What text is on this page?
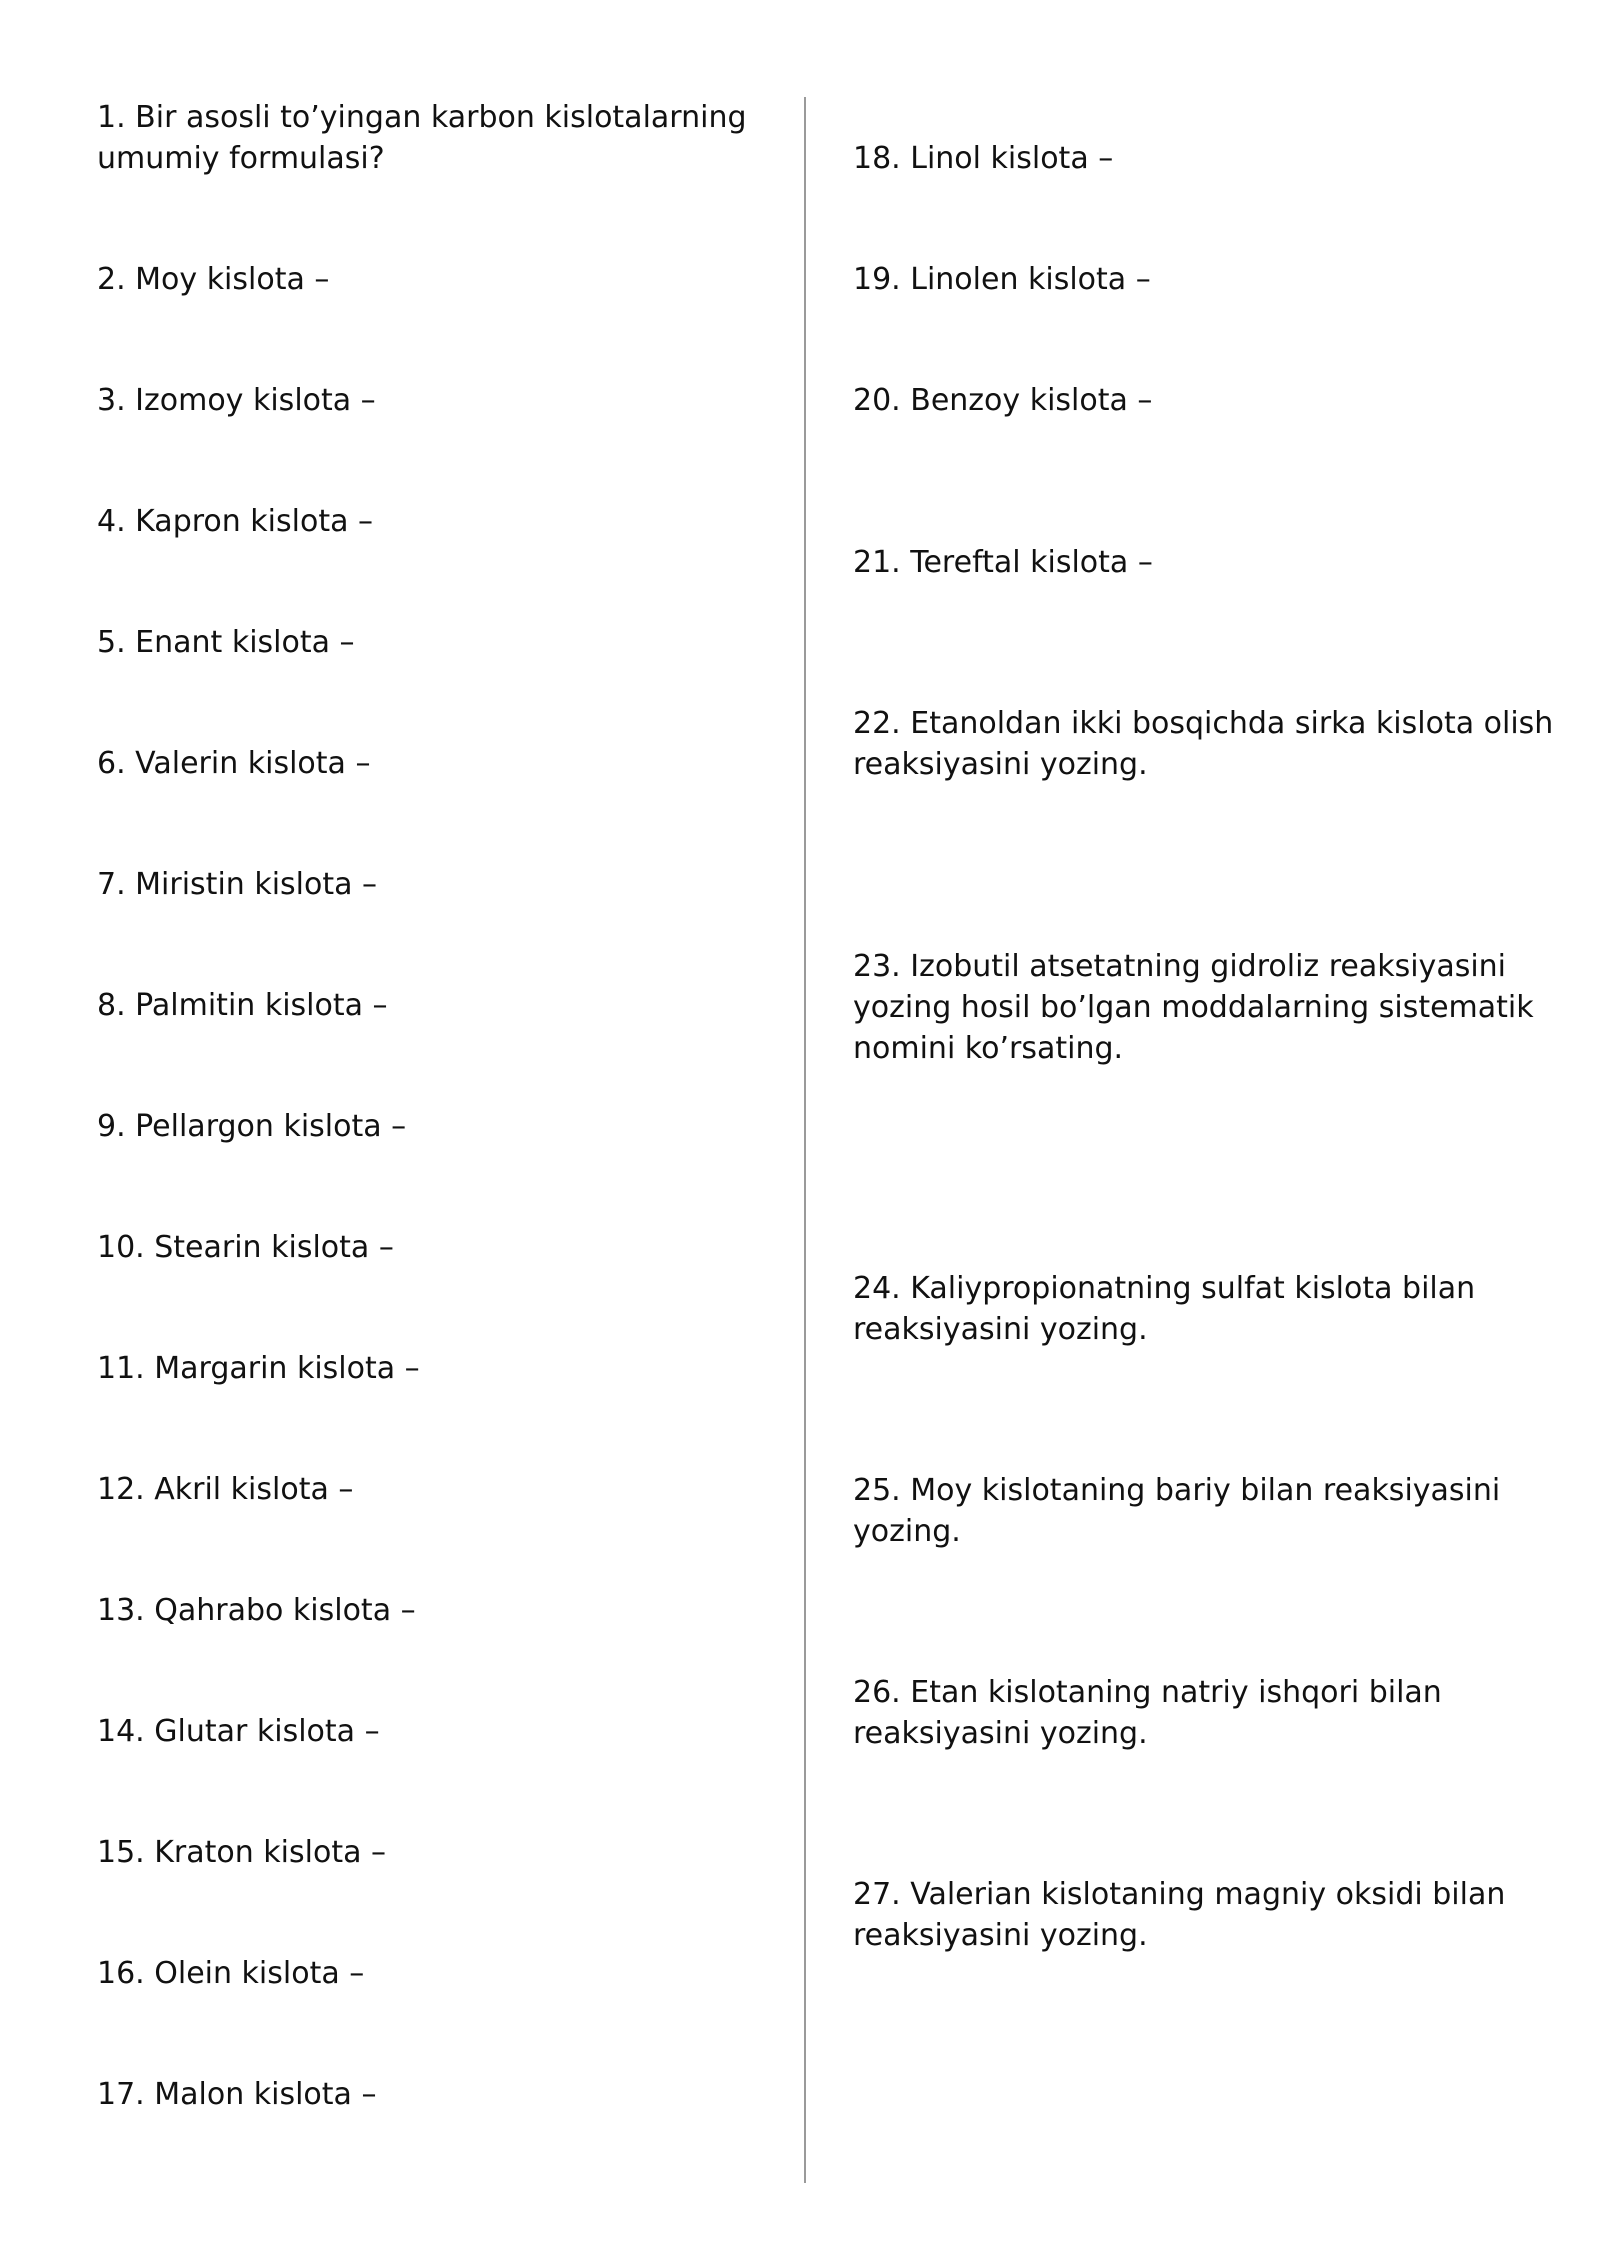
1. Bir asosli to’yingan karbon kislotalarning
umumiy formulasi?
2. Moy kislota –
3. Izomoy kislota –
4. Kapron kislota –
5. Enant kislota –
6. Valerin kislota –
7. Miristin kislota –
8. Palmitin kislota –
9. Pellargon kislota –
10. Stearin kislota –
11. Margarin kislota –
12. Akril kislota –
13. Qahrabo kislota –
14. Glutar kislota –
15. Kraton kislota –
16. Olein kislota –
17. Malon kislota –
18. Linol kislota –
19. Linolen kislota –
20. Benzoy kislota –
21. Tereftal kislota –
22. Etanoldan ikki bosqichda sirka kislota olish
reaksiyasini yozing.
23. Izobutil atsetatning gidroliz reaksiyasini
yozing hosil bo’lgan moddalarning sistematik
nomini ko’rsating.
24. Kaliypropionatning sulfat kislota bilan
reaksiyasini yozing.
25. Moy kislotaning bariy bilan reaksiyasini
yozing.
26. Etan kislotaning natriy ishqori bilan
reaksiyasini yozing.
27. Valerian kislotaning magniy oksidi bilan
reaksiyasini yozing.
